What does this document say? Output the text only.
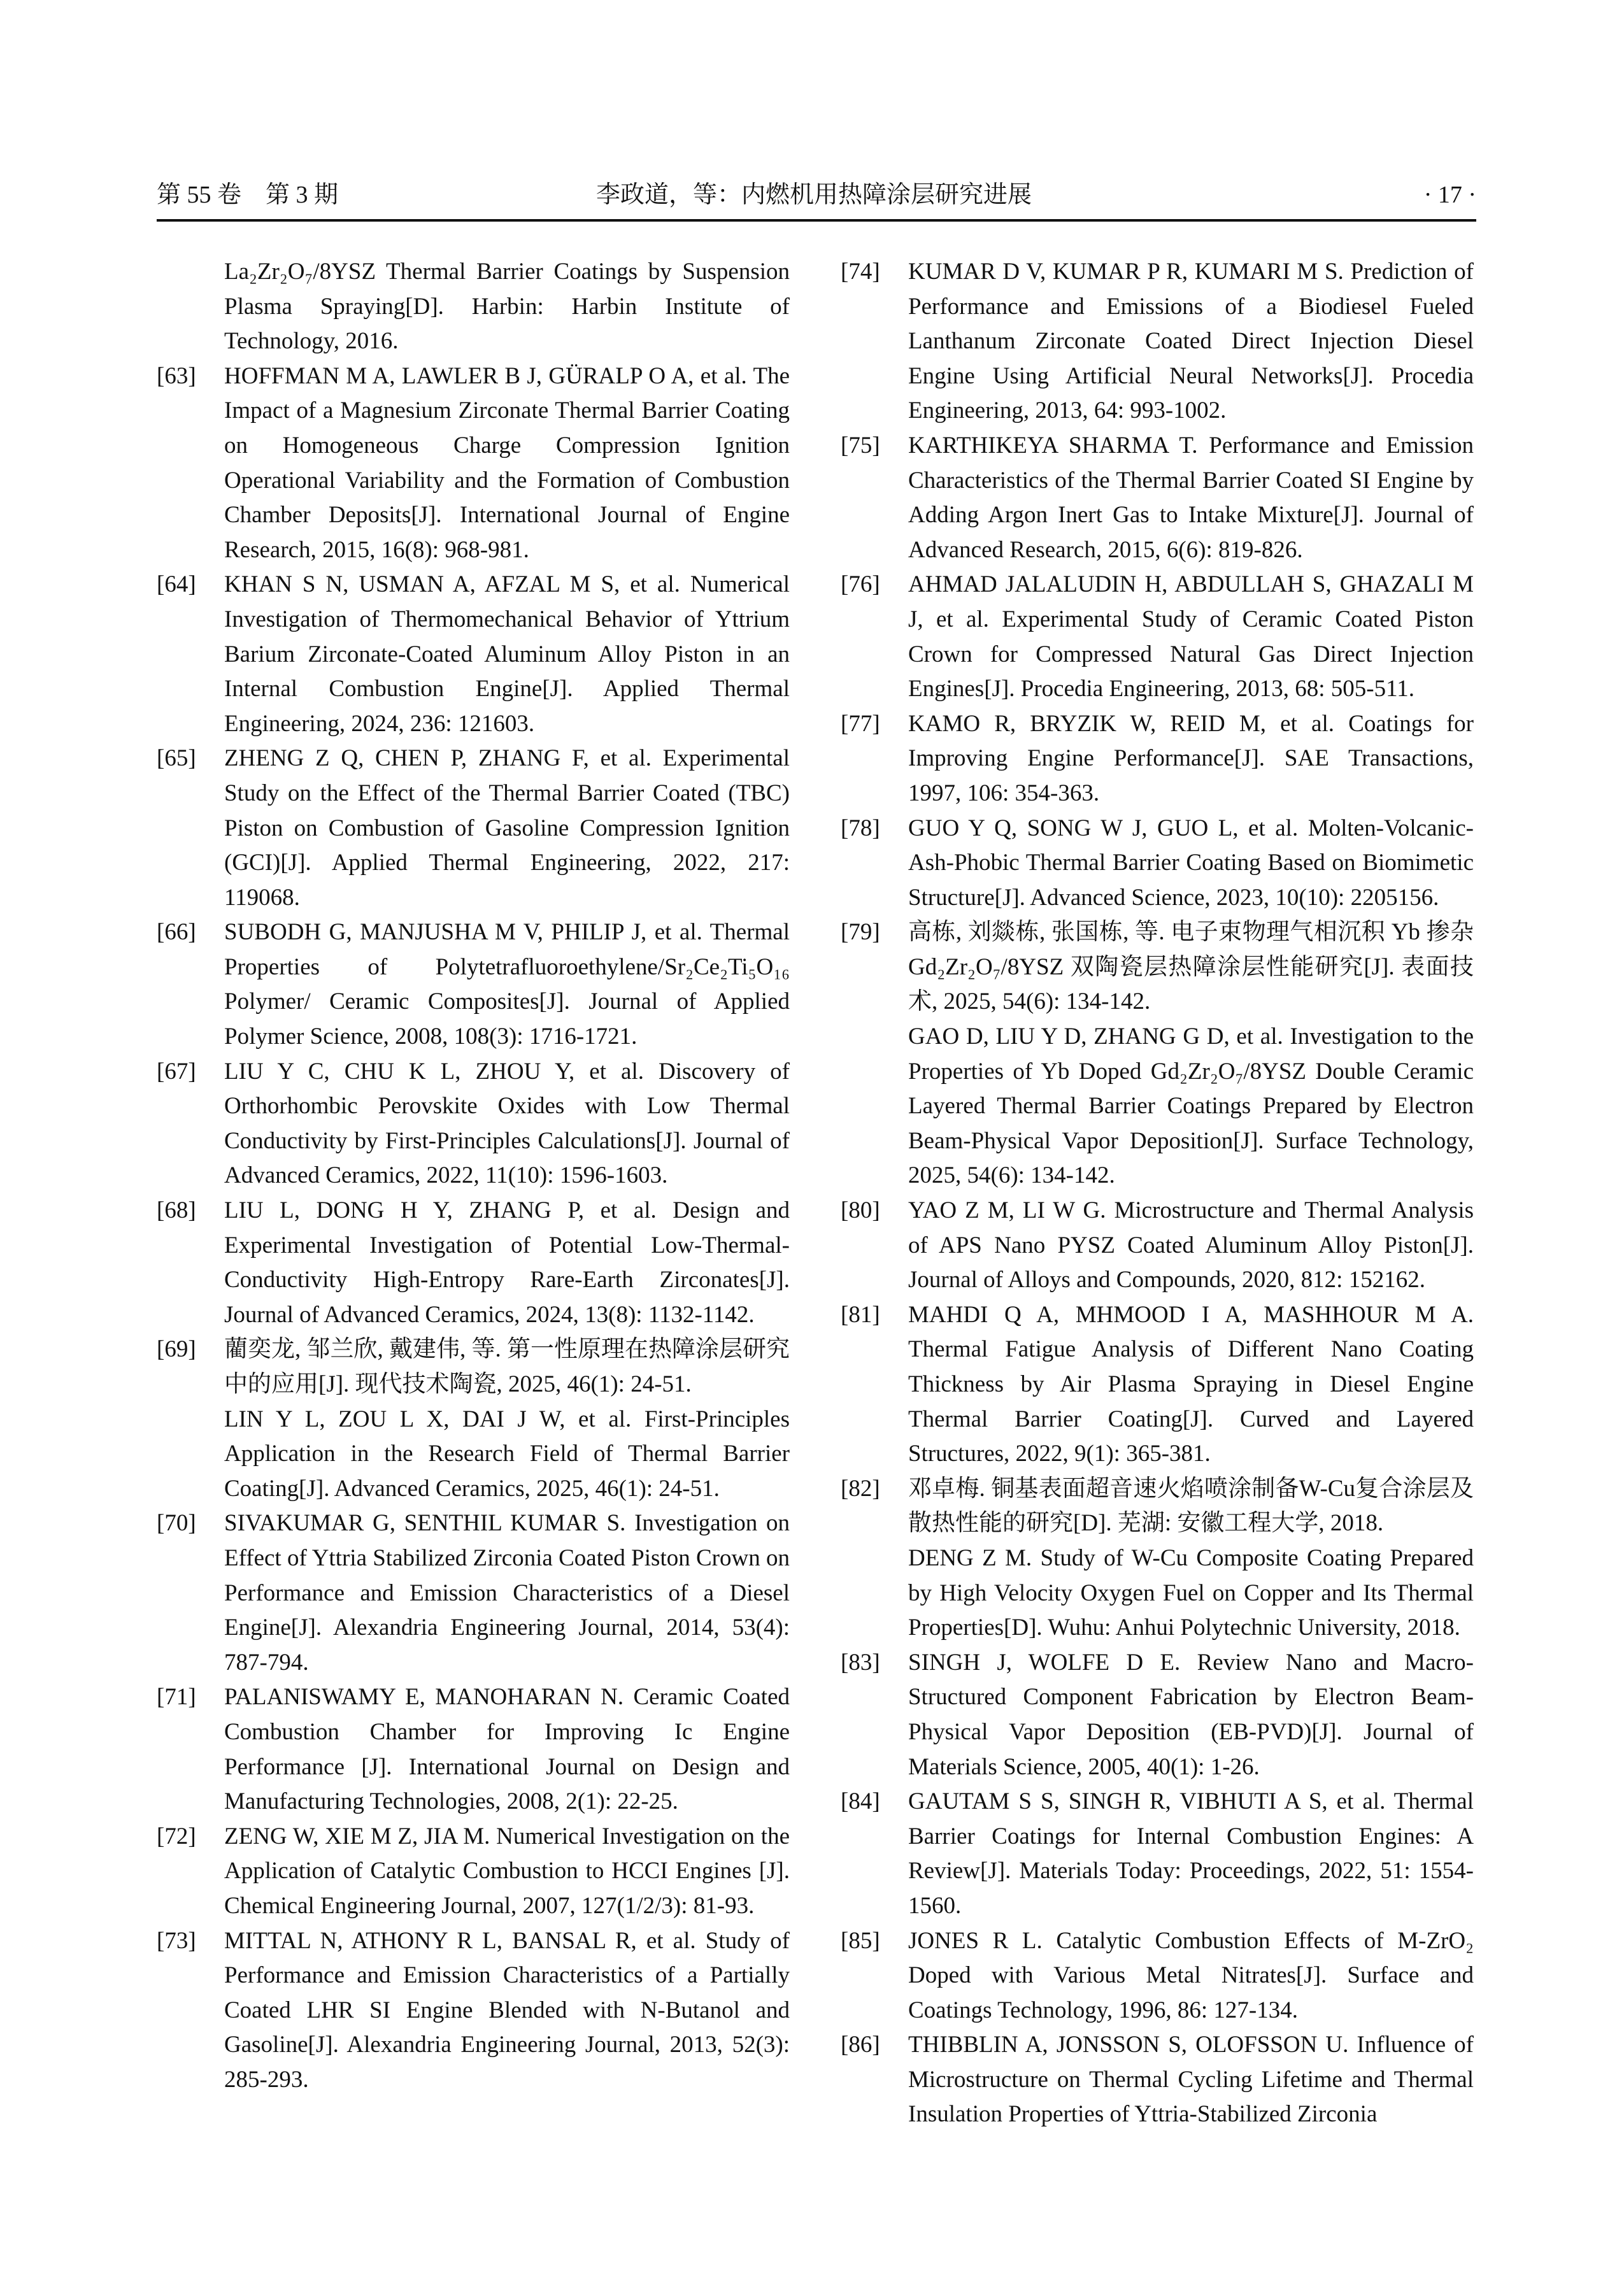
第 55 卷　第 3 期	李政道，等：内燃机用热障涂层研究进展	· 17 ·
La₂Zr₂O₇/8YSZ Thermal Barrier Coatings by Suspension Plasma Spraying[D]. Harbin: Harbin Institute of Technology, 2016.
[63] HOFFMAN M A, LAWLER B J, GÜRALP O A, et al. The Impact of a Magnesium Zirconate Thermal Barrier Coating on Homogeneous Charge Compression Ignition Operational Variability and the Formation of Combustion Chamber Deposits[J]. International Journal of Engine Research, 2015, 16(8): 968-981.
[64] KHAN S N, USMAN A, AFZAL M S, et al. Numerical Investigation of Thermomechanical Behavior of Yttrium Barium Zirconate-Coated Aluminum Alloy Piston in an Internal Combustion Engine[J]. Applied Thermal Engineering, 2024, 236: 121603.
[65] ZHENG Z Q, CHEN P, ZHANG F, et al. Experimental Study on the Effect of the Thermal Barrier Coated (TBC) Piston on Combustion of Gasoline Compression Ignition (GCI)[J]. Applied Thermal Engineering, 2022, 217: 119068.
[66] SUBODH G, MANJUSHA M V, PHILIP J, et al. Thermal Properties of Polytetrafluoroethylene/Sr₂Ce₂Ti₅O₁₆ Polymer/ Ceramic Composites[J]. Journal of Applied Polymer Science, 2008, 108(3): 1716-1721.
[67] LIU Y C, CHU K L, ZHOU Y, et al. Discovery of Orthorhombic Perovskite Oxides with Low Thermal Conductivity by First-Principles Calculations[J]. Journal of Advanced Ceramics, 2022, 11(10): 1596-1603.
[68] LIU L, DONG H Y, ZHANG P, et al. Design and Experimental Investigation of Potential Low-Thermal-Conductivity High-Entropy Rare-Earth Zirconates[J]. Journal of Advanced Ceramics, 2024, 13(8): 1132-1142.
[69] 藺奕龙, 邹兰欣, 戴建伟, 等. 第一性原理在热障涂层研究中的应用[J]. 现代技术陶瓷, 2025, 46(1): 24-51.
LIN Y L, ZOU L X, DAI J W, et al. First-Principles Application in the Research Field of Thermal Barrier Coating[J]. Advanced Ceramics, 2025, 46(1): 24-51.
[70] SIVAKUMAR G, SENTHIL KUMAR S. Investigation on Effect of Yttria Stabilized Zirconia Coated Piston Crown on Performance and Emission Characteristics of a Diesel Engine[J]. Alexandria Engineering Journal, 2014, 53(4): 787-794.
[71] PALANISWAMY E, MANOHARAN N. Ceramic Coated Combustion Chamber for Improving Ic Engine Performance [J]. International Journal on Design and Manufacturing Technologies, 2008, 2(1): 22-25.
[72] ZENG W, XIE M Z, JIA M. Numerical Investigation on the Application of Catalytic Combustion to HCCI Engines [J]. Chemical Engineering Journal, 2007, 127(1/2/3): 81-93.
[73] MITTAL N, ATHONY R L, BANSAL R, et al. Study of Performance and Emission Characteristics of a Partially Coated LHR SI Engine Blended with N-Butanol and Gasoline[J]. Alexandria Engineering Journal, 2013, 52(3): 285-293.
[74] KUMAR D V, KUMAR P R, KUMARI M S. Prediction of Performance and Emissions of a Biodiesel Fueled Lanthanum Zirconate Coated Direct Injection Diesel Engine Using Artificial Neural Networks[J]. Procedia Engineering, 2013, 64: 993-1002.
[75] KARTHIKEYA SHARMA T. Performance and Emission Characteristics of the Thermal Barrier Coated SI Engine by Adding Argon Inert Gas to Intake Mixture[J]. Journal of Advanced Research, 2015, 6(6): 819-826.
[76] AHMAD JALALUDIN H, ABDULLAH S, GHAZALI M J, et al. Experimental Study of Ceramic Coated Piston Crown for Compressed Natural Gas Direct Injection Engines[J]. Procedia Engineering, 2013, 68: 505-511.
[77] KAMO R, BRYZIK W, REID M, et al. Coatings for Improving Engine Performance[J]. SAE Transactions, 1997, 106: 354-363.
[78] GUO Y Q, SONG W J, GUO L, et al. Molten-Volcanic-Ash-Phobic Thermal Barrier Coating Based on Biomimetic Structure[J]. Advanced Science, 2023, 10(10): 2205156.
[79] 高栋, 刘燚栋, 张国栋, 等. 电子束物理气相沉积 Yb 掺杂 Gd₂Zr₂O₇/8YSZ 双陶瓷层热障涂层性能研究[J]. 表面技术, 2025, 54(6): 134-142.
GAO D, LIU Y D, ZHANG G D, et al. Investigation to the Properties of Yb Doped Gd₂Zr₂O₇/8YSZ Double Ceramic Layered Thermal Barrier Coatings Prepared by Electron Beam-Physical Vapor Deposition[J]. Surface Technology, 2025, 54(6): 134-142.
[80] YAO Z M, LI W G. Microstructure and Thermal Analysis of APS Nano PYSZ Coated Aluminum Alloy Piston[J]. Journal of Alloys and Compounds, 2020, 812: 152162.
[81] MAHDI Q A, MHMOOD I A, MASHHOUR M A. Thermal Fatigue Analysis of Different Nano Coating Thickness by Air Plasma Spraying in Diesel Engine Thermal Barrier Coating[J]. Curved and Layered Structures, 2022, 9(1): 365-381.
[82] 邓卓梅. 铜基表面超音速火焰喷涂制备W-Cu复合涂层及散热性能的研究[D]. 芜湖: 安徽工程大学, 2018.
DENG Z M. Study of W-Cu Composite Coating Prepared by High Velocity Oxygen Fuel on Copper and Its Thermal Properties[D]. Wuhu: Anhui Polytechnic University, 2018.
[83] SINGH J, WOLFE D E. Review Nano and Macro-Structured Component Fabrication by Electron Beam-Physical Vapor Deposition (EB-PVD)[J]. Journal of Materials Science, 2005, 40(1): 1-26.
[84] GAUTAM S S, SINGH R, VIBHUTI A S, et al. Thermal Barrier Coatings for Internal Combustion Engines: A Review[J]. Materials Today: Proceedings, 2022, 51: 1554-1560.
[85] JONES R L. Catalytic Combustion Effects of M-ZrO₂ Doped with Various Metal Nitrates[J]. Surface and Coatings Technology, 1996, 86: 127-134.
[86] THIBBLIN A, JONSSON S, OLOFSSON U. Influence of Microstructure on Thermal Cycling Lifetime and Thermal Insulation Properties of Yttria-Stabilized Zirconia
